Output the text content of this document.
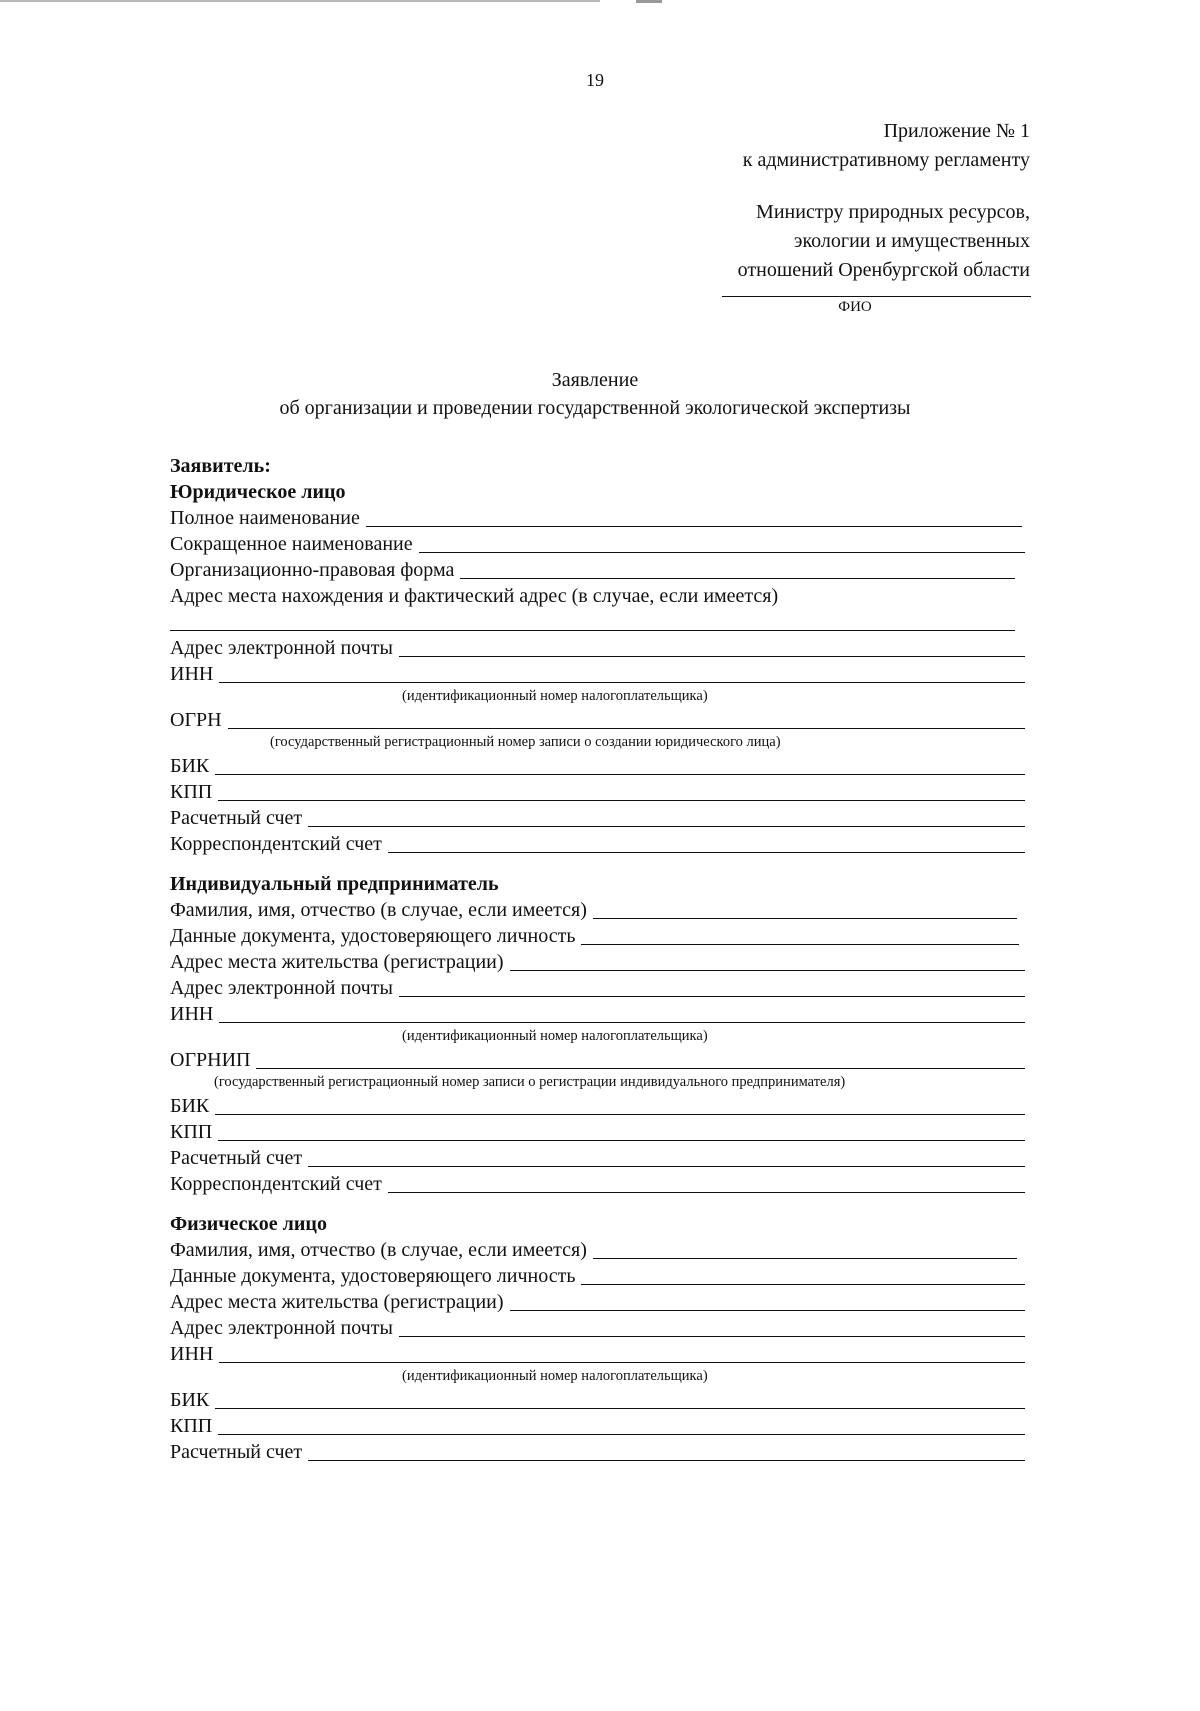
19
Приложение № 1
к административному регламенту
Министру природных ресурсов,
экологии и имущественных
отношений Оренбургской области
ФИО
Заявление
об организации и проведении государственной экологической экспертизы
Заявитель:
Юридическое лицо
Полное наименование
Сокращенное наименование
Организационно-правовая форма
Адрес места нахождения и фактический адрес (в случае, если имеется)
Адрес электронной почты
ИНН
(идентификационный номер налогоплательщика)
ОГРН
(государственный регистрационный номер записи о создании юридического лица)
БИК
КПП
Расчетный счет
Корреспондентский счет
Индивидуальный предприниматель
Фамилия, имя, отчество (в случае, если имеется)
Данные документа, удостоверяющего личность
Адрес места жительства (регистрации)
Адрес электронной почты
ИНН
(идентификационный номер налогоплательщика)
ОГРНИП
(государственный регистрационный номер записи о регистрации индивидуального предпринимателя)
БИК
КПП
Расчетный счет
Корреспондентский счет
Физическое лицо
Фамилия, имя, отчество (в случае, если имеется)
Данные документа, удостоверяющего личность
Адрес места жительства (регистрации)
Адрес электронной почты
ИНН
(идентификационный номер налогоплательщика)
БИК
КПП
Расчетный счет
